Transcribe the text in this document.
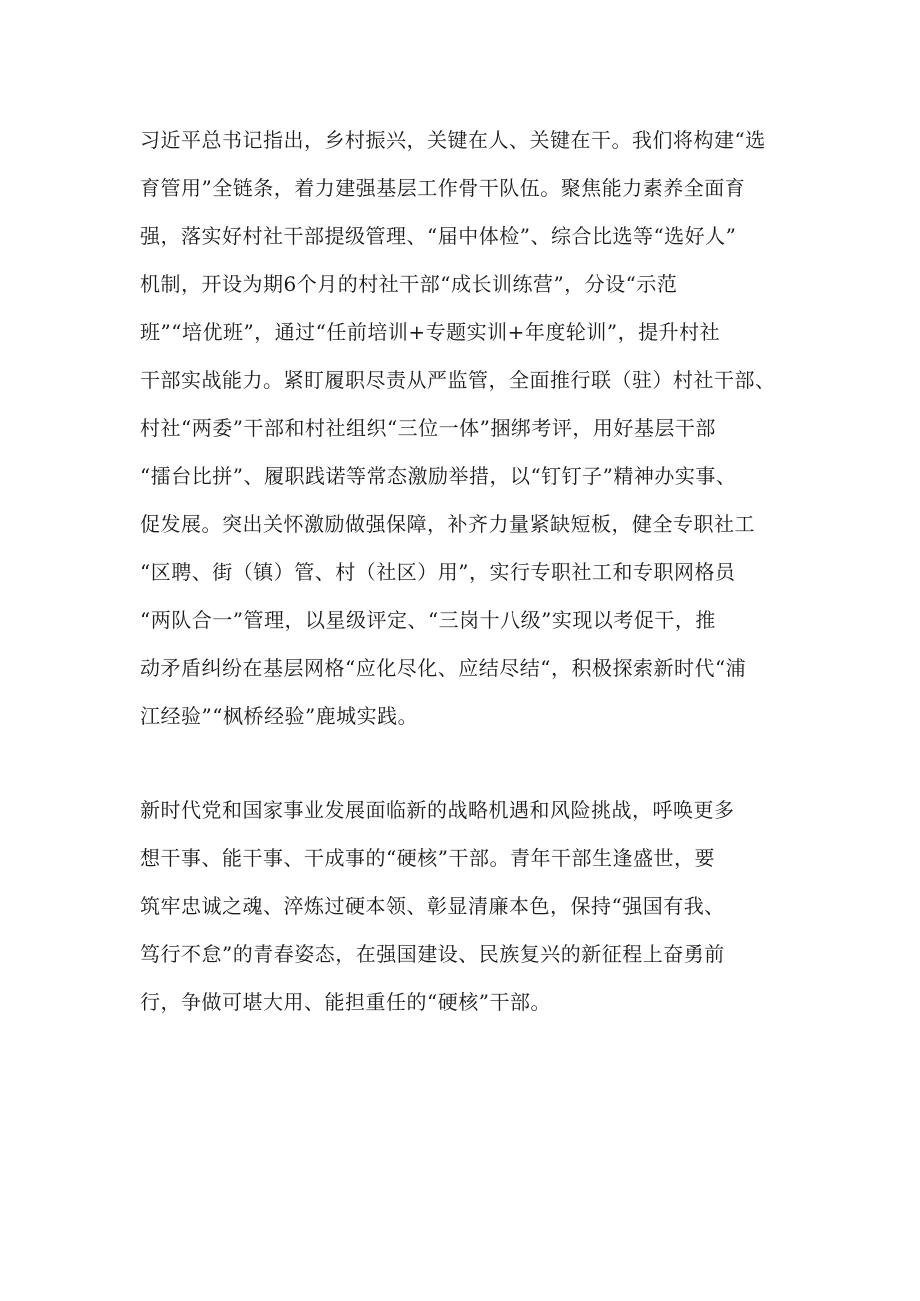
习近平总书记指出，乡村振兴，关键在人、关键在干。我们将构建“选
育管用”全链条，着力建强基层工作骨干队伍。聚焦能力素养全面育
强，落实好村社干部提级管理、“届中体检”、综合比选等“选好人”
机制，开设为期6个月的村社干部“成长训练营”，分设“示范
班”“培优班”，通过“任前培训+专题实训+年度轮训”，提升村社
干部实战能力。紧盯履职尽责从严监管，全面推行联（驻）村社干部、
村社“两委”干部和村社组织“三位一体”捆绑考评，用好基层干部
“擂台比拼”、履职践诺等常态激励举措，以“钉钉子”精神办实事、
促发展。突出关怀激励做强保障，补齐力量紧缺短板，健全专职社工
“区聘、街（镇）管、村（社区）用”，实行专职社工和专职网格员
“两队合一”管理，以星级评定、“三岗十八级”实现以考促干，推
动矛盾纠纷在基层网格“应化尽化、应结尽结“，积极探索新时代“浦
江经验”“枫桥经验”鹿城实践。
新时代党和国家事业发展面临新的战略机遇和风险挑战，呼唤更多
想干事、能干事、干成事的“硬核”干部。青年干部生逢盛世，要
筑牢忠诚之魂、淬炼过硬本领、彰显清廉本色，保持“强国有我、
笃行不怠”的青春姿态，在强国建设、民族复兴的新征程上奋勇前
行，争做可堪大用、能担重任的“硬核”干部。
